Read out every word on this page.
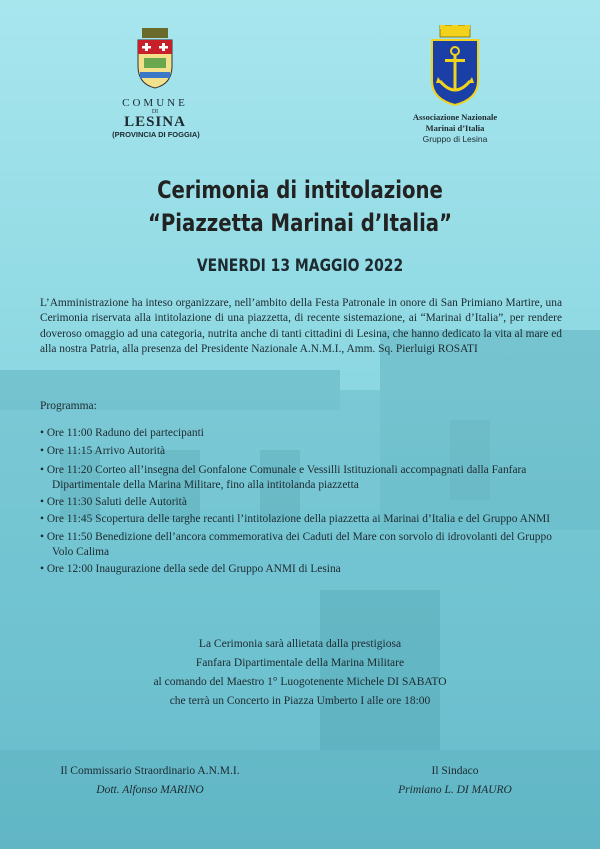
COMUNE
DI
LESINA
(PROVINCIA DI FOGGIA)
Associazione Nazionale
Marinai d’Italia
Gruppo di Lesina
Cerimonia di intitolazione
“Piazzetta Marinai d’Italia”
VENERDI 13 MAGGIO 2022
L’Amministrazione ha inteso organizzare, nell’ambito della Festa Patronale in onore di San Primiano Martire, una Cerimonia riservata alla intitolazione di una piazzetta, di recente sistemazione, ai “Marinai d’Italia”, per rendere doveroso omaggio ad una categoria, nutrita anche di tanti cittadini di Lesina, che hanno dedicato la vita al mare ed alla nostra Patria, alla presenza del Presidente Nazionale A.N.M.I., Amm. Sq. Pierluigi ROSATI
Programma:
• Ore 11:00 Raduno dei partecipanti
• Ore 11:15 Arrivo Autorità
• Ore 11:20 Corteo all’insegna del Gonfalone Comunale e Vessilli Istituzionali accompagnati dalla Fanfara Dipartimentale della Marina Militare, fino alla intitolanda piazzetta
• Ore 11:30 Saluti delle Autorità
• Ore 11:45 Scopertura delle targhe recanti l’intitolazione della piazzetta ai Marinai d’Italia e del Gruppo ANMI
• Ore 11:50 Benedizione dell’ancora commemorativa dei Caduti del Mare con sorvolo di idrovolanti del Gruppo Volo Calima
• Ore 12:00 Inaugurazione della sede del Gruppo ANMI di Lesina
La Cerimonia sarà allietata dalla prestigiosa
Fanfara Dipartimentale della Marina Militare
al comando del Maestro 1° Luogotenente Michele DI SABATO
che terrà un Concerto in Piazza Umberto I alle ore 18:00
Il Commissario Straordinario A.N.M.I.
Dott. Alfonso MARINO
Il Sindaco
Primiano L. DI MAURO
